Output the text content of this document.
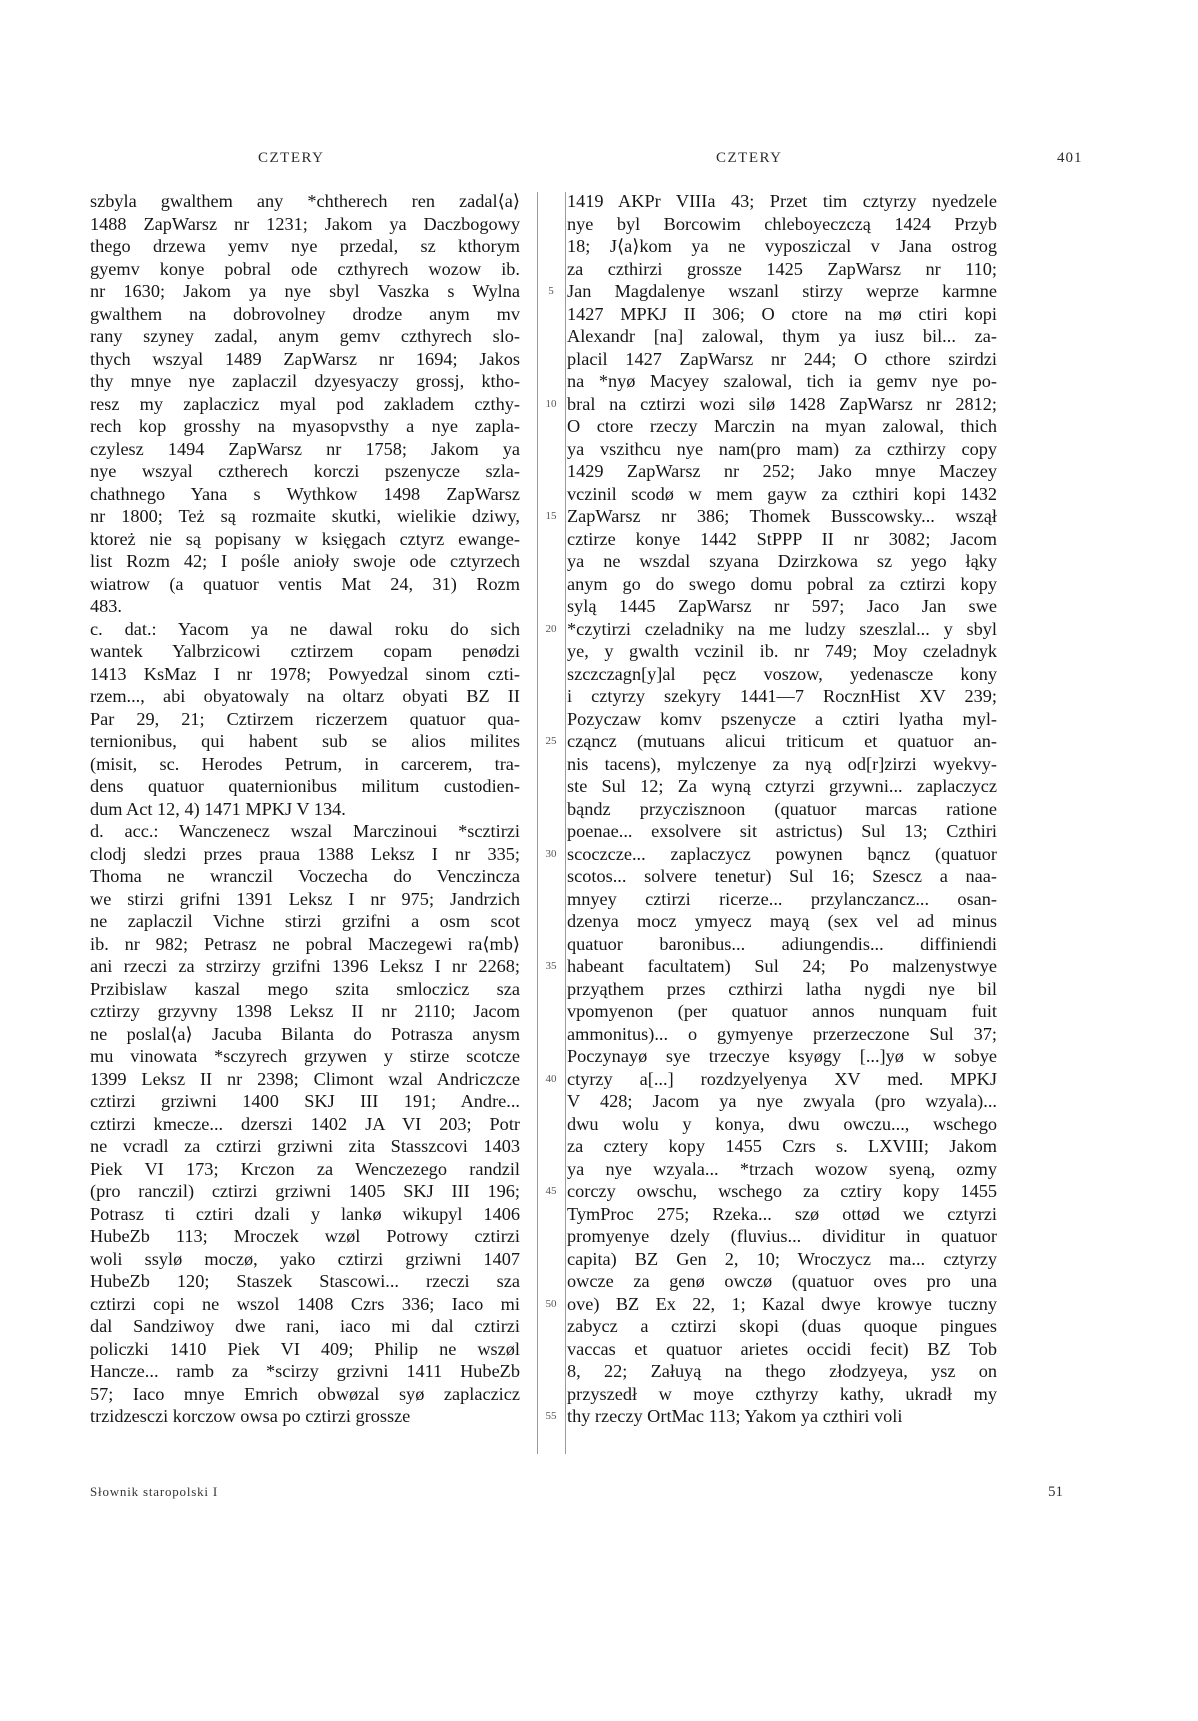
CZTERY	CZTERY	401
szbyla gwalthem any *chtherech ren zadal⟨a⟩
1488 ZapWarsz nr 1231; Jakom ya Daczbogowy
thego drzewa yemv nye przedal, sz kthorym
gyemv konye pobral ode czthyrech wozow ib.
nr 1630; Jakom ya nye sbyl Vaszka s Wylna
gwalthem na dobrovolney drodze anym mv
rany szyney zadal, anym gemv czthyrech slo-
thych wszyal 1489 ZapWarsz nr 1694; Jakos
thy mnye nye zaplaczil dzyesyaczy grossj, ktho-
resz my zaplaczicz myal pod zakladem czthy-
rech kop grosshy na myasopvsthy a nye zapla-
czylesz 1494 ZapWarsz nr 1758; Jakom ya
nye wszyal cztherech korczi pszenycze szla-
chathnego Yana s Wythkow 1498 ZapWarsz
nr 1800; Też są rozmaite skutki, wielikie dziwy,
ktoreż nie są popisany w księgach cztyrz ewange-
list Rozm 42; I pośle anioły swoje ode cztyrzech
wiatrow (a quatuor ventis Mat 24, 31) Rozm
483.
c. dat.: Yacom ya ne dawal roku do sich
wantek Yalbrzicowi cztirzem copam penødzi
1413 KsMaz I nr 1978; Powyedzal sinom czti-
rzem..., abi obyatowaly na oltarz obyati BZ II
Par 29, 21; Cztirzem riczerzem quatuor qua-
ternionibus, qui habent sub se alios milites
(misit, sc. Herodes Petrum, in carcerem, tra-
dens quatuor quaternionibus militum custodien-
dum Act 12, 4) 1471 MPKJ V 134.
d. acc.: Wanczenecz wszal Marczinoui *scztirzi
clodj sledzi przes praua 1388 Leksz I nr 335;
Thoma ne wranczil Voczecha do Venczincza
we stirzi grifni 1391 Leksz I nr 975; Jandrzich
ne zaplaczil Vichne stirzi grzifni a osm scot
ib. nr 982; Petrasz ne pobral Maczegewi ra⟨mb⟩
ani rzeczi za strzirzy grzifni 1396 Leksz I nr 2268;
Przibislaw kaszal mego szita smloczicz sza
cztirzy grzyvny 1398 Leksz II nr 2110; Jacom
ne poslal⟨a⟩ Jacuba Bilanta do Potrasza anysm
mu vinowata *sczyrech grzywen y stirze scotcze
1399 Leksz II nr 2398; Climont wzal Andriczcze
cztirzi grziwni 1400 SKJ III 191; Andre...
cztirzi kmecze... dzerszi 1402 JA VI 203; Potr
ne vcradl za cztirzi grziwni zita Stasszcovi 1403
Piek VI 173; Krczon za Wenczezego randzil
(pro ranczil) cztirzi grziwni 1405 SKJ III 196;
Potrasz ti cztiri dzali y lankø wikupyl 1406
HubeZb 113; Mroczek wzøl Potrowy cztirzi
woli ssylø moczø, yako cztirzi grziwni 1407
HubeZb 120; Staszek Stascowi... rzeczi sza
cztirzi copi ne wszol 1408 Czrs 336; Iaco mi
dal Sandziwoy dwe rani, iaco mi dal cztirzi
policzki 1410 Piek VI 409; Philip ne wszøl
Hancze... ramb za *scirzy grzivni 1411 HubeZb
57; Iaco mnye Emrich obwøzal syø zaplaczicz
trzidzesczi korczow owsa po cztirzi grossze
5
10
15
20
25
30
35
40
45
50
55
1419 AKPr VIIIa 43; Przet tim cztyrzy nyedzele
nye byl Borcowim chleboyeczczą 1424 Przyb
18; J⟨a⟩kom ya ne vyposziczal v Jana ostrog
za czthirzi grossze 1425 ZapWarsz nr 110;
Jan Magdalenye wszanl stirzy weprze karmne
1427 MPKJ II 306; O ctore na mø ctiri kopi
Alexandr [na] zalowal, thym ya iusz bil... za-
placil 1427 ZapWarsz nr 244; O cthore szirdzi
na *nyø Macyey szalowal, tich ia gemv nye po-
bral na cztirzi wozi silø 1428 ZapWarsz nr 2812;
O ctore rzeczy Marczin na myan zalowal, thich
ya vszithcu nye nam(pro mam) za czthirzy copy
1429 ZapWarsz nr 252; Jako mnye Maczey
vczinil scodø w mem gayw za czthiri kopi 1432
ZapWarsz nr 386; Thomek Busscowsky... wszął
cztirze konye 1442 StPPP II nr 3082; Jacom
ya ne wszdal szyana Dzirzkowa sz yego łąky
anym go do swego domu pobral za cztirzi kopy
sylą 1445 ZapWarsz nr 597; Jaco Jan swe
*czytirzi czeladniky na me ludzy szeszlal... y sbyl
ye, y gwalth vczinil ib. nr 749; Moy czeladnyk
szczczagn[y]al pęcz voszow, yedenascze kony
i cztyrzy szekyry 1441—7 RocznHist XV 239;
Pozyczaw komv pszenycze a cztiri lyatha myl-
cząncz (mutuans alicui triticum et quatuor an-
nis tacens), mylczenye za nyą od[r]zirzi wyekvy-
ste Sul 12; Za wyną cztyrzi grzywni... zaplaczycz
bąndz przyczisznoon (quatuor marcas ratione
poenae... exsolvere sit astrictus) Sul 13; Czthiri
scoczcze... zaplaczycz powynen bąncz (quatuor
scotos... solvere tenetur) Sul 16; Szescz a naa-
mnyey cztirzi ricerze... przylanczancz... osan-
dzenya mocz ymyecz mayą (sex vel ad minus
quatuor baronibus... adiungendis... diffiniendi
habeant facultatem) Sul 24; Po malzenystwye
przyąthem przes czthirzi latha nygdi nye bil
vpomyenon (per quatuor annos nunquam fuit
ammonitus)... o gymyenye przerzeczone Sul 37;
Poczynayø sye trzeczye ksyøgy [...]yø w sobye
ctyrzy a[...] rozdzyelyenya XV med. MPKJ
V 428; Jacom ya nye zwyala (pro wzyala)...
dwu wolu y konya, dwu owczu..., wschego
za cztery kopy 1455 Czrs s. LXVIII; Jakom
ya nye wzyala... *trzach wozow syeną, ozmy
corczy owschu, wschego za cztiry kopy 1455
TymProc 275; Rzeka... szø ottød we cztyrzi
promyenye dzely (fluvius... dividitur in quatuor
capita) BZ Gen 2, 10; Wroczycz ma... cztyrzy
owcze za genø owczø (quatuor oves pro una
ove) BZ Ex 22, 1; Kazal dwye krowye tuczny
zabycz a cztirzi skopi (duas quoque pingues
vaccas et quatuor arietes occidi fecit) BZ Tob
8, 22; Załuyą na thego złodzyeya, ysz on
przyszedł w moye czthyrzy kathy, ukradł my
thy rzeczy OrtMac 113; Yakom ya czthiri voli
Słownik staropolski I	51
